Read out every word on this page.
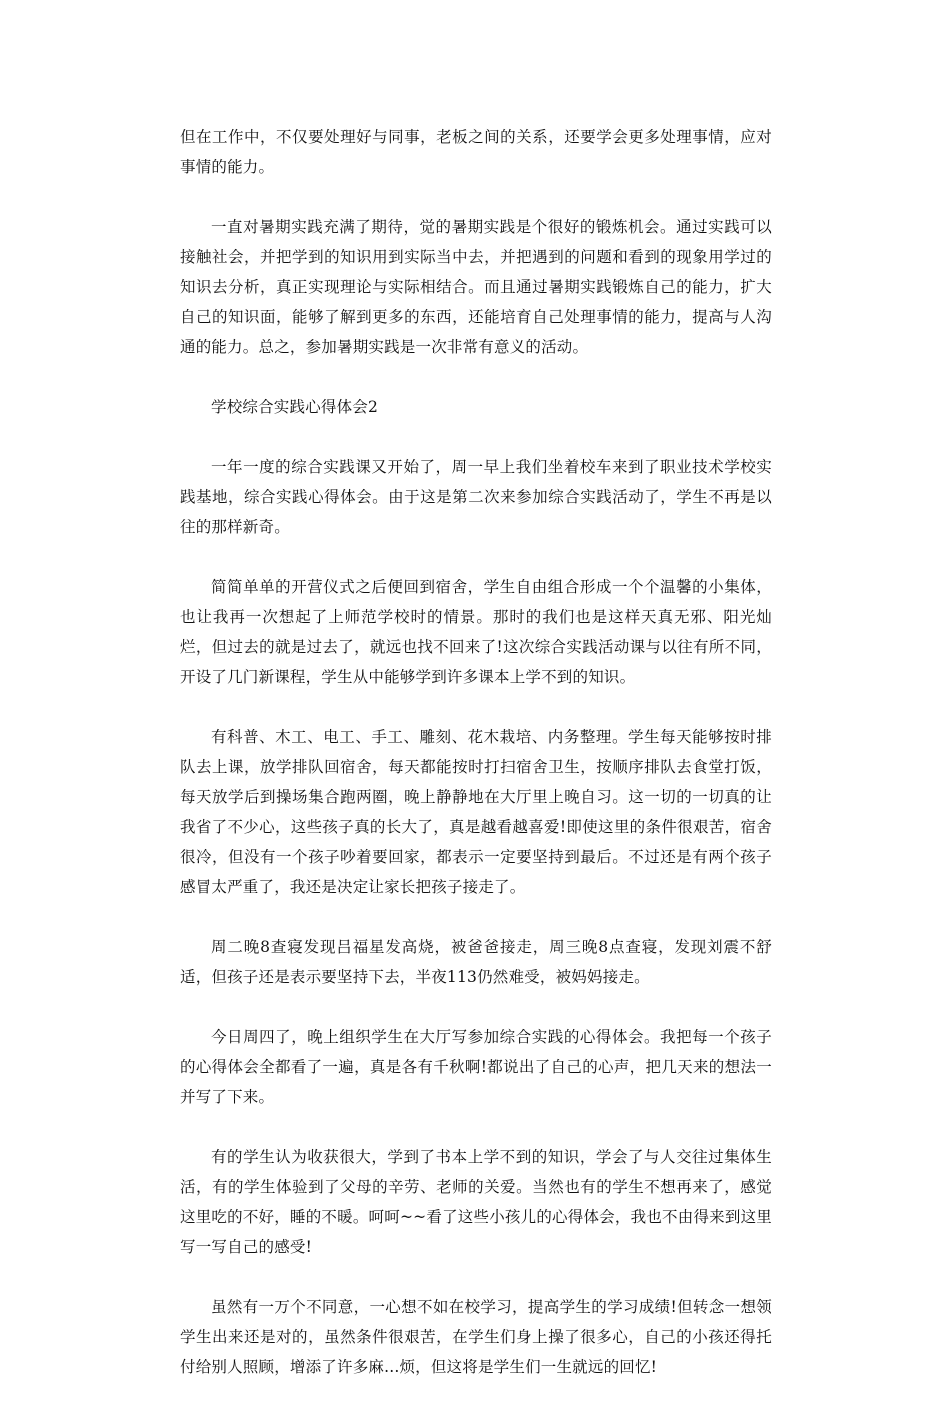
但在工作中，不仅要处理好与同事，老板之间的关系，还要学会更多处理事情，应对事情的能力。

一直对暑期实践充满了期待，觉的暑期实践是个很好的锻炼机会。通过实践可以接触社会，并把学到的知识用到实际当中去，并把遇到的问题和看到的现象用学过的知识去分析，真正实现理论与实际相结合。而且通过暑期实践锻炼自己的能力，扩大自己的知识面，能够了解到更多的东西，还能培育自己处理事情的能力，提高与人沟通的能力。总之，参加暑期实践是一次非常有意义的活动。

学校综合实践心得体会2

一年一度的综合实践课又开始了，周一早上我们坐着校车来到了职业技术学校实践基地，综合实践心得体会。由于这是第二次来参加综合实践活动了，学生不再是以往的那样新奇。

简简单单的开营仪式之后便回到宿舍，学生自由组合形成一个个温馨的小集体，也让我再一次想起了上师范学校时的情景。那时的我们也是这样天真无邪、阳光灿烂，但过去的就是过去了，就远也找不回来了!这次综合实践活动课与以往有所不同，开设了几门新课程，学生从中能够学到许多课本上学不到的知识。

有科普、木工、电工、手工、雕刻、花木栽培、内务整理。学生每天能够按时排队去上课，放学排队回宿舍，每天都能按时打扫宿舍卫生，按顺序排队去食堂打饭，每天放学后到操场集合跑两圈，晚上静静地在大厅里上晚自习。这一切的一切真的让我省了不少心，这些孩子真的长大了，真是越看越喜爱!即使这里的条件很艰苦，宿舍很冷，但没有一个孩子吵着要回家，都表示一定要坚持到最后。不过还是有两个孩子感冒太严重了，我还是决定让家长把孩子接走了。

周二晚8查寝发现吕福星发高烧，被爸爸接走，周三晚8点查寝，发现刘震不舒适，但孩子还是表示要坚持下去，半夜113仍然难受，被妈妈接走。

今日周四了，晚上组织学生在大厅写参加综合实践的心得体会。我把每一个孩子的心得体会全都看了一遍，真是各有千秋啊!都说出了自己的心声，把几天来的想法一并写了下来。

有的学生认为收获很大，学到了书本上学不到的知识，学会了与人交往过集体生活，有的学生体验到了父母的辛劳、老师的关爱。当然也有的学生不想再来了，感觉这里吃的不好，睡的不暖。呵呵~~看了这些小孩儿的心得体会，我也不由得来到这里写一写自己的感受!

虽然有一万个不同意，一心想不如在校学习，提高学生的学习成绩!但转念一想领学生出来还是对的，虽然条件很艰苦，在学生们身上操了很多心，自己的小孩还得托付给别人照顾，增添了许多麻...烦，但这将是学生们一生就远的回忆!
